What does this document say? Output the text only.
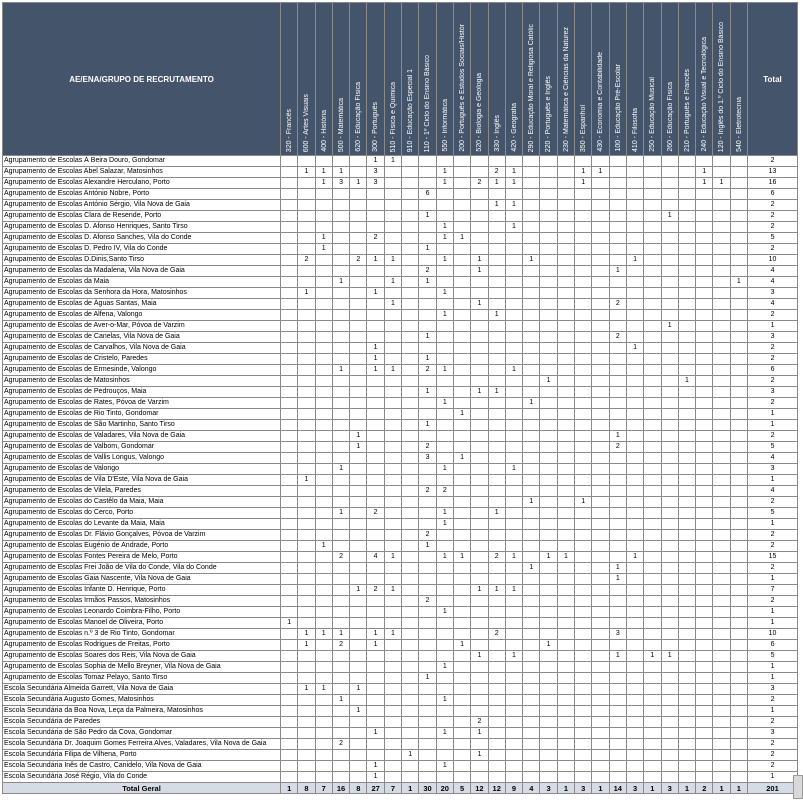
AE/ENA/GRUPO DE RECRUTAMENTO	320 - Francês	600 - Artes Visuais	400 - História	500 - Matemática	620 - Educação Física	300 - Português	510 - Física e Química	910 - Educação Especial 1	110 - 1º Ciclo do Ensino Básico	550 - Informática	200 - Português e Estudos Sociais/Histór	520 - Biologia e Geologia	330 - Inglês	420 - Geografia	290 - Educação Moral e Religiosa Católic	220 - Português e Inglês	230 - Matemática e Ciências da Naturez	350 - Espanhol	430 - Economia e Contabilidade	100 - Educação Pré-Escolar	410 - Filosofia	250 - Educação Musical	260 - Educação Física	210 - Português e Francês	240 - Educação Visual e Tecnológica	120 - Inglês do 1.º Ciclo do Ensino Básico	540 - Eletrotecnia	Total
Agrupamento de Escolas À Beira Douro, Gondomar						1	1																					2
Agrupamento de Escolas Abel Salazar, Matosinhos		1	1	1		3				1			2	1				1	1						1			13
Agrupamento de Escolas Alexandre Herculano, Porto			1	3	1	3				1		2	1	1				1							1	1		16
Agrupamento de Escolas António Nobre, Porto									6																			6
Agrupamento de Escolas António Sérgio, Vila Nova de Gaia													1	1														2
Agrupamento de Escolas Clara de Resende, Porto									1														1					2
Agrupamento de Escolas D. Afonso Henriques, Santo Tirso										1				1														2
Agrupamento de Escolas D. Afonso Sanches, Vila do Conde			1			2				1	1																	5
Agrupamento de Escolas D. Pedro IV, Vila do Conde			1						1																			2
Agrupamento de Escolas D.Dinis,Santo Tirso		2			2	1	1			1		1			1						1							10
Agrupamento de Escolas da Madalena, Vila Nova de Gaia									2			1								1								4
Agrupamento de Escolas da Maia				1			1		1																		1	4
Agrupamento de Escolas da Senhora da Hora, Matosinhos		1				1				1																		3
Agrupamento de Escolas de Águas Santas, Maia							1					1								2								4
Agrupamento de Escolas de Alfena, Valongo										1			1															2
Agrupamento de Escolas de Aver-o-Mar, Póvoa de Varzim																							1					1
Agrupamento de Escolas de Canelas, Vila Nova de Gaia									1											2								3
Agrupamento de Escolas de Carvalhos, Vila Nova de Gaia						1															1							2
Agrupamento de Escolas de Cristelo, Paredes						1			1																			2
Agrupamento de Escolas de Ermesinde, Valongo				1		1	1		2	1				1														6
Agrupamento de Escolas de Matosinhos																1								1				2
Agrupamento de Escolas de Pedrouços, Maia									1			1	1															3
Agrupamento de Escolas de Rates, Póvoa de Varzim										1					1													2
Agrupamento de Escolas de Rio Tinto, Gondomar											1																	1
Agrupamento de Escolas de São Martinho, Santo Tirso									1																			1
Agrupamento de Escolas de Valadares, Vila Nova de Gaia					1															1								2
Agrupamento de Escolas de Valbom, Gondomar					1				2											2								5
Agrupamento de Escolas de Vallis Longus, Valongo									3		1																	4
Agrupamento de Escolas de Valongo				1						1				1														3
Agrupamento de Escolas de Vila D'Este, Vila Nova de Gaia		1																										1
Agrupamento de Escolas de Vilela, Paredes									2	2																		4
Agrupamento de Escolas do Castêlo da Maia, Maia															1			1										2
Agrupamento de Escolas do Cerco, Porto				1		2				1			1															5
Agrupamento de Escolas do Levante da Maia, Maia										1																		1
Agrupamento de Escolas Dr. Flávio Gonçalves, Póvoa de Varzim									2																			2
Agrupamento de Escolas Eugénio de Andrade, Porto			1						1																			2
Agrupamento de Escolas Fontes Pereira de Melo, Porto				2		4	1			1	1		2	1		1	1				1							15
Agrupamento de Escolas Frei João de Vila do Conde, Vila do Conde															1					1								2
Agrupamento de Escolas Gaia Nascente, Vila Nova de Gaia																				1								1
Agrupamento de Escolas Infante D. Henrique, Porto					1	2	1					1	1	1														7
Agrupamento de Escolas Irmãos Passos, Matosinhos									2																			2
Agrupamento de Escolas Leonardo Coimbra-Filho, Porto										1																		1
Agrupamento de Escolas Manoel de Oliveira, Porto	1																											1
Agrupamento de Escolas n.º 3 de Rio Tinto, Gondomar		1	1	1		1	1						2							3								10
Agrupamento de Escolas Rodrigues de Freitas, Porto		1		2		1					1					1												6
Agrupamento de Escolas Soares dos Reis, Vila Nova de Gaia												1		1						1		1	1					5
Agrupamento de Escolas Sophia de Mello Breyner, Vila Nova de Gaia										1																		1
Agrupamento de Escolas Tomaz Pelayo, Santo Tirso									1																			1
Escola Secundária Almeida Garrett, Vila Nova de Gaia		1	1		1																							3
Escola Secundária Augusto Gomes, Matosinhos				1						1																		2
Escola Secundária da Boa Nova, Leça da Palmeira, Matosinhos					1																							1
Escola Secundária de Paredes												2																2
Escola Secundária de São Pedro da Cova, Gondomar						1				1		1																3
Escola Secundária Dr. Joaquim Gomes Ferreira Alves, Valadares, Vila Nova de Gaia				2																								2
Escola Secundária Filipa de Vilhena, Porto								1				1																2
Escola Secundária Inês de Castro, Canidelo, Vila Nova de Gaia						1				1																		2
Escola Secundária José Régio, Vila do Conde						1																						1
Total Geral	1	8	7	16	8	27	7	1	30	20	5	12	12	9	4	3	1	3	1	14	3	1	3	1	2	1	1	201
